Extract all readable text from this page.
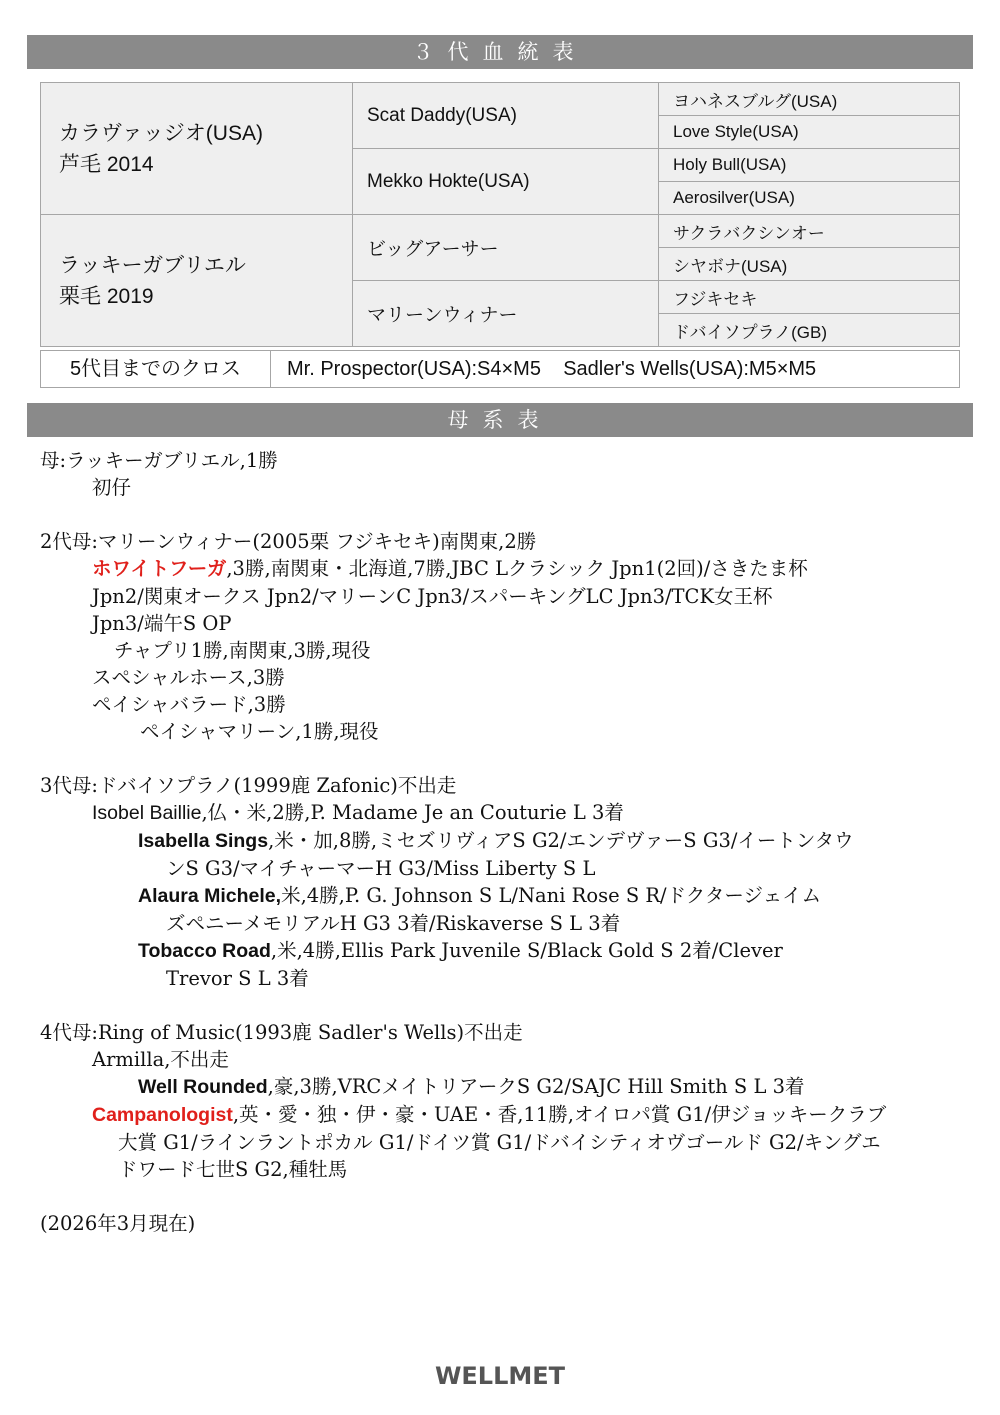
３代血統表
カラヴァッジオ(USA)
芦毛 2014	Scat Daddy(USA)	ヨハネスブルグ(USA)
		Love Style(USA)
	Mekko Hokte(USA)	Holy Bull(USA)
		Aerosilver(USA)

ラッキーガブリエル
栗毛 2019	ビッグアーサー	サクラバクシンオー
		シヤボナ(USA)
	マリーンウィナー	フジキセキ
		ドバイソプラノ(GB)
5代目までのクロス	Mr. Prospector(USA):S4×M5    Sadler's Wells(USA):M5×M5
母系表
母:ラッキーガブリエル,1勝
初仔
2代母:マリーンウィナー(2005栗 フジキセキ)南関東,2勝
ホワイトフーガ,3勝,南関東・北海道,7勝,JBC Lクラシック Jpn1(2回)/さきたま杯
Jpn2/関東オークス Jpn2/マリーンC Jpn3/スパーキングLC Jpn3/TCK女王杯
Jpn3/端午S OP
チャプリ1勝,南関東,3勝,現役
スペシャルホース,3勝
ペイシャバラード,3勝
ペイシャマリーン,1勝,現役
3代母:ドバイソプラノ(1999鹿 Zafonic)不出走
Isobel Baillie,仏・米,2勝,P. Madame Je an Couturie L 3着
Isabella Sings,米・加,8勝,ミセズリヴィアS G2/エンデヴァーS G3/イートンタウ
ンS G3/マイチャーマーH G3/Miss Liberty S L
Alaura Michele,米,4勝,P. G. Johnson S L/Nani Rose S R/ドクタージェイム
ズペニーメモリアルH G3 3着/Riskaverse S L 3着
Tobacco Road,米,4勝,Ellis Park Juvenile S/Black Gold S 2着/Clever
Trevor S L 3着
4代母:Ring of Music(1993鹿 Sadler's Wells)不出走
Armilla,不出走
Well Rounded,豪,3勝,VRCメイトリアークS G2/SAJC Hill Smith S L 3着
Campanologist,英・愛・独・伊・豪・UAE・香,11勝,オイロパ賞 G1/伊ジョッキークラブ
大賞 G1/ラインラントポカル G1/ドイツ賞 G1/ドバイシティオヴゴールド G2/キングエ
ドワード七世S G2,種牡馬
(2026年3月現在)
WELLMET
